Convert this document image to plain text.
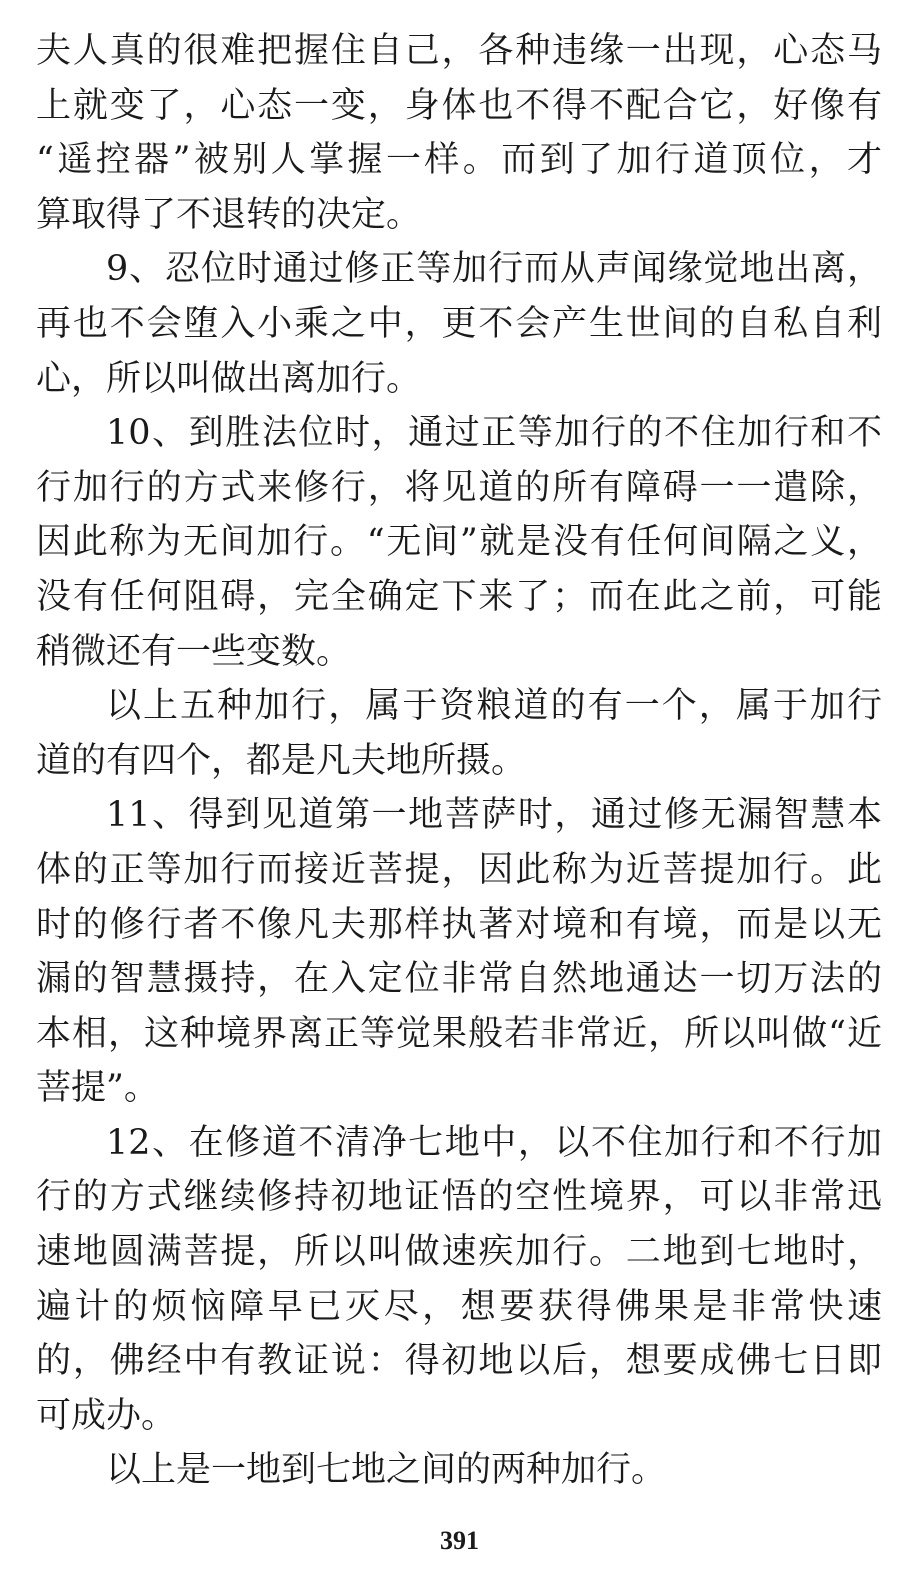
夫人真的很难把握住自己，各种违缘一出现，心态马
上就变了，心态一变，身体也不得不配合它，好像有
“遥控器”被别人掌握一样。而到了加行道顶位，才
算取得了不退转的决定。
9、忍位时通过修正等加行而从声闻缘觉地出离，
再也不会堕入小乘之中，更不会产生世间的自私自利
心，所以叫做出离加行。
10、到胜法位时，通过正等加行的不住加行和不
行加行的方式来修行，将见道的所有障碍一一遣除，
因此称为无间加行。“无间”就是没有任何间隔之义，
没有任何阻碍，完全确定下来了；而在此之前，可能
稍微还有一些变数。
以上五种加行，属于资粮道的有一个，属于加行
道的有四个，都是凡夫地所摄。
11、得到见道第一地菩萨时，通过修无漏智慧本
体的正等加行而接近菩提，因此称为近菩提加行。此
时的修行者不像凡夫那样执著对境和有境，而是以无
漏的智慧摄持，在入定位非常自然地通达一切万法的
本相，这种境界离正等觉果般若非常近，所以叫做“近
菩提”。
12、在修道不清净七地中，以不住加行和不行加
行的方式继续修持初地证悟的空性境界，可以非常迅
速地圆满菩提，所以叫做速疾加行。二地到七地时，
遍计的烦恼障早已灭尽，想要获得佛果是非常快速
的，佛经中有教证说：得初地以后，想要成佛七日即
可成办。
以上是一地到七地之间的两种加行。
391
